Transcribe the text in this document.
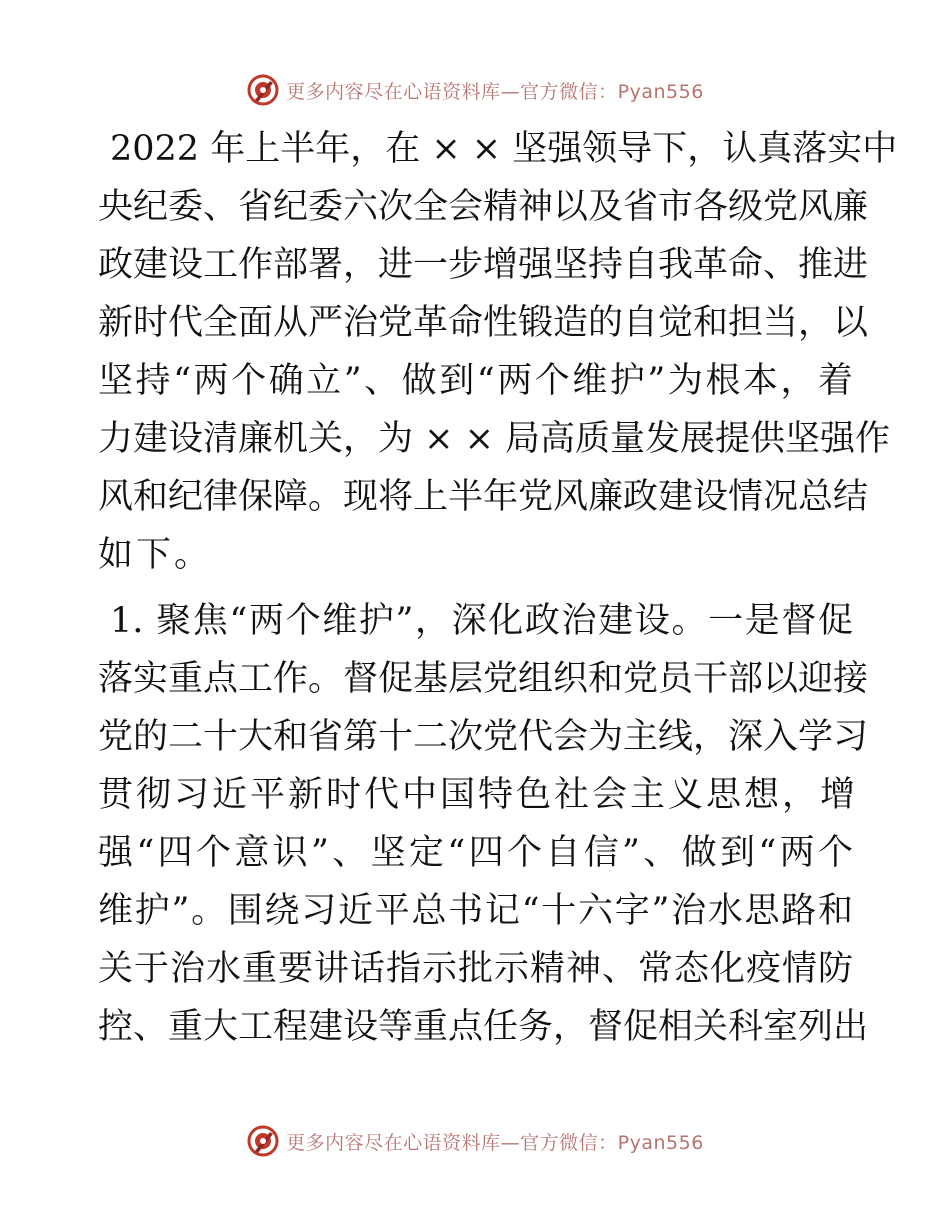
更多内容尽在心语资料库—官方微信：Pyan556
2022 年上半年，在 × × 坚强领导下，认真落实中
央纪委、省纪委六次全会精神以及省市各级党风廉
政建设工作部署，进一步增强坚持自我革命、推进
新时代全面从严治党革命性锻造的自觉和担当，以
坚持“两个确立”、做到“两个维护”为根本，着
力建设清廉机关，为 × × 局高质量发展提供坚强作
风和纪律保障。现将上半年党风廉政建设情况总结
如下。
1. 聚焦“两个维护”，深化政治建设。一是督促
落实重点工作。督促基层党组织和党员干部以迎接
党的二十大和省第十二次党代会为主线，深入学习
贯彻习近平新时代中国特色社会主义思想，增
强“四个意识”、坚定“四个自信”、做到“两个
维护”。围绕习近平总书记“十六字”治水思路和
关于治水重要讲话指示批示精神、常态化疫情防
控、重大工程建设等重点任务，督促相关科室列出
更多内容尽在心语资料库—官方微信：Pyan556
